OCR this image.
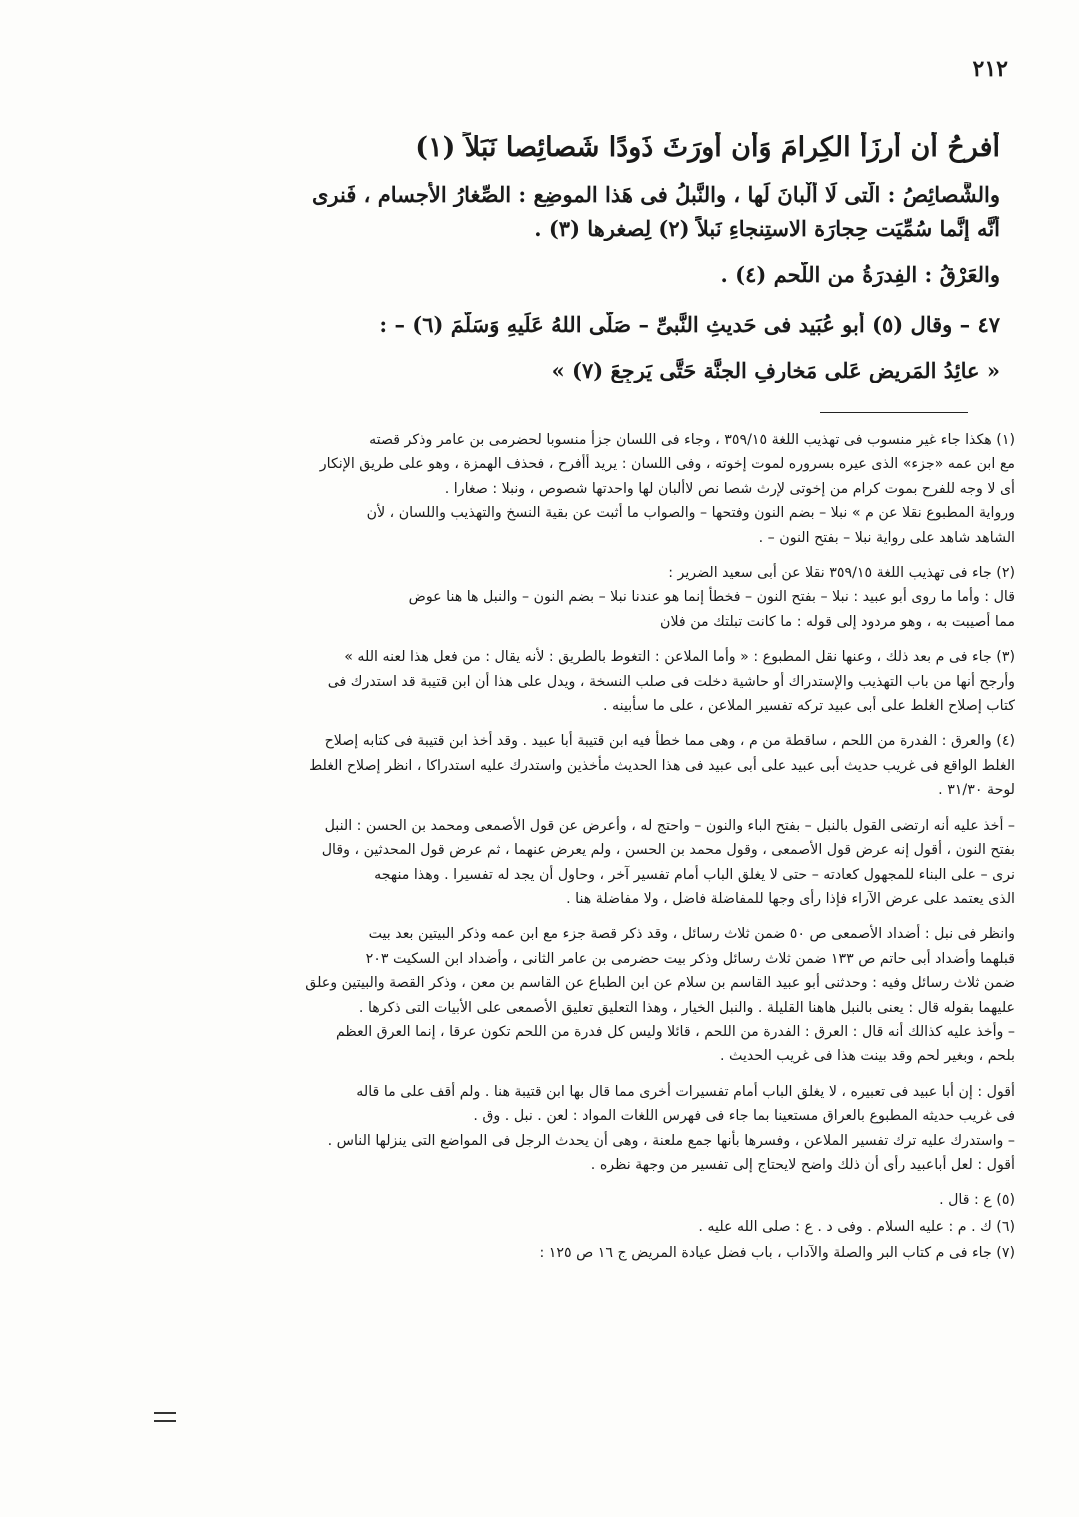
٢١٢
أَفرحُ أَن أُرزَأَ الكِرامَ وَأَن أُورَثَ ذَودًا شَصائِصا نَبَلاً (١)
والشَّصائِصُ : الَّتى لَا أَلْبانَ لَها ، والنَّبلُ فى هَذا الموضِعِ : الصِّغارُ الأَجسامِ ، فَنرى
أَنَّه إنَّما سُمِّيَت حِجارَة الاستِنجاءِ نَبلاً (٢) لِصغرِها (٣) .
والعَرْقُ : الفِدرَةُ من اللَّحمِ (٤) .
٤٧ – وقال (٥) أبو عُبَيد فى حَديثِ النَّبىِّ – صَلَّى اللهُ عَلَيهِ وَسَلَّمَ (٦) – :
« عائِدُ المَريضِ عَلى مَخارِفِ الجنَّة حَتَّى يَرجِعَ (٧) »
(١) هكذا جاء غير منسوب فى تهذيب اللغة ٣٥٩/١٥ ، وجاء فى اللسان جزأ منسوبا لحضرمى بن عامر وذكر قصته
مع ابن عمه «جزء» الذى عيره بسروره لموت إخوته ، وفى اللسان : يريد أأفرح ، فحذف الهمزة ، وهو على طريق الإنكار
أى لا وجه للفرح بموت كرام من إخوتى لإرث شصا نص لاألبان لها واحدتها شصوص ، ونبلا : صغارا .
ورواية المطبوع نقلا عن م » نبلا – بضم النون وفتحها – والصواب ما أثبت عن بقية النسخ والتهذيب واللسان ، لأن
الشاهد شاهد على رواية نبلا – بفتح النون – .
(٢) جاء فى تهذيب اللغة ٣٥٩/١٥ نقلا عن أبى سعيد الضرير :
قال : وأما ما روى أبو عبيد : نبلا – بفتح النون – فخطأ إنما هو عندنا نبلا – بضم النون – والنبل ها هنا عوض
مما أصيبت به ، وهو مردود إلى قوله : ما كانت تبلتك من فلان
(٣) جاء فى م بعد ذلك ، وعنها نقل المطبوع : « وأما الملاعن : التغوط بالطريق : لأنه يقال : من فعل هذا لعنه الله »
وأرجح أنها من باب التهذيب والإستدراك أو حاشية دخلت فى صلب النسخة ، ويدل على هذا أن ابن قتيبة قد استدرك فى
كتاب إصلاح الغلط على أبى عبيد تركه تفسير الملاعن ، على ما سأبينه .
(٤) والعرق : الفدرة من اللحم ، ساقطة من م ، وهى مما خطأ فيه ابن قتيبة أبا عبيد . وقد أخذ ابن قتيبة فى كتابه إصلاح
الغلط الواقع فى غريب حديث أبى عبيد على أبى عبيد فى هذا الحديث مأخذين واستدرك عليه استدراكا ، انظر إصلاح الغلط
لوحة ٣١/٣٠ .
– أخذ عليه أنه ارتضى القول بالنبل – بفتح الباء والنون – واحتج له ، وأعرض عن قول الأصمعى ومحمد بن الحسن : النبل
بفتح النون ، أقول إنه عرض قول الأصمعى ، وقول محمد بن الحسن ، ولم يعرض عنهما ، ثم عرض قول المحدثين ، وقال
نرى – على البناء للمجهول كعادته – حتى لا يغلق الباب أمام تفسير آخر ، وحاول أن يجد له تفسيرا . وهذا منهجه
الذى يعتمد على عرض الآراء فإذا رأى وجها للمفاضلة فاضل ، ولا مفاضلة هنا .
وانظر فى نبل : أضداد الأصمعى ص ٥٠ ضمن ثلاث رسائل ، وقد ذكر قصة جزء مع ابن عمه وذكر البيتين بعد بيت
قبلهما وأضداد أبى حاتم ص ١٣٣ ضمن ثلاث رسائل وذكر بيت حضرمى بن عامر الثانى ، وأضداد ابن السكيت ٢٠٣
ضمن ثلاث رسائل وفيه : وحدثنى أبو عبيد القاسم بن سلام عن ابن الطباع عن القاسم بن معن ، وذكر القصة والبيتين وعلق
عليهما بقوله قال : يعنى بالنبل هاهنا القليلة . والنبل الخيار ، وهذا التعليق تعليق الأصمعى على الأبيات التى ذكرها .
– وأخذ عليه كذالك أنه قال : العرق : الفدرة من اللحم ، قائلا وليس كل فدرة من اللحم تكون عرقا ، إنما العرق العظم
بلحم ، وبغير لحم وقد بينت هذا فى غريب الحديث .
أقول : إن أبا عبيد فى تعبيره ، لا يغلق الباب أمام تفسيرات أخرى مما قال بها ابن قتيبة هنا . ولم أقف على ما قاله
فى غريب حديثه المطبوع بالعراق مستعينا بما جاء فى فهرس اللغات المواد : لعن . نبل . وق .
– واستدرك عليه ترك تفسير الملاعن ، وفسرها بأنها جمع ملعنة ، وهى أن يحدث الرجل فى المواضع التى ينزلها الناس .
أقول : لعل أباعبيد رأى أن ذلك واضح لايحتاج إلى تفسير من وجهة نظره .
(٥) ع : قال .
(٦) ك . م : عليه السلام . وفى د . ع : صلى الله عليه .
(٧) جاء فى م كتاب البر والصلة والآداب ، باب فضل عيادة المريض ج ١٦ ص ١٢٥ :
